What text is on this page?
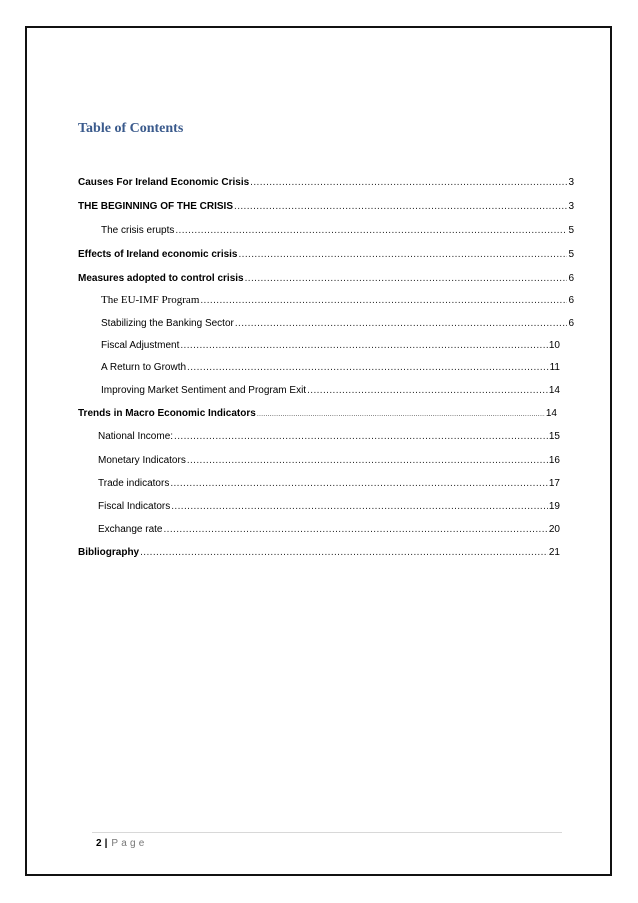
Table of Contents
Causes For Ireland Economic Crisis .....	3
THE BEGINNING OF THE CRISIS .....	3
The crisis erupts .....	5
Effects of Ireland economic crisis .....	5
Measures adopted to control crisis .....	6
The EU-IMF Program .....	6
Stabilizing the Banking Sector .....	6
Fiscal Adjustment .....	10
A Return to Growth .....	11
Improving Market Sentiment and Program Exit .....	14
Trends in Macro Economic Indicators .....	14
National Income: .....	15
Monetary Indicators .....	16
Trade indicators .....	17
Fiscal Indicators .....	19
Exchange rate .....	20
Bibliography .....	21
2 | Page
